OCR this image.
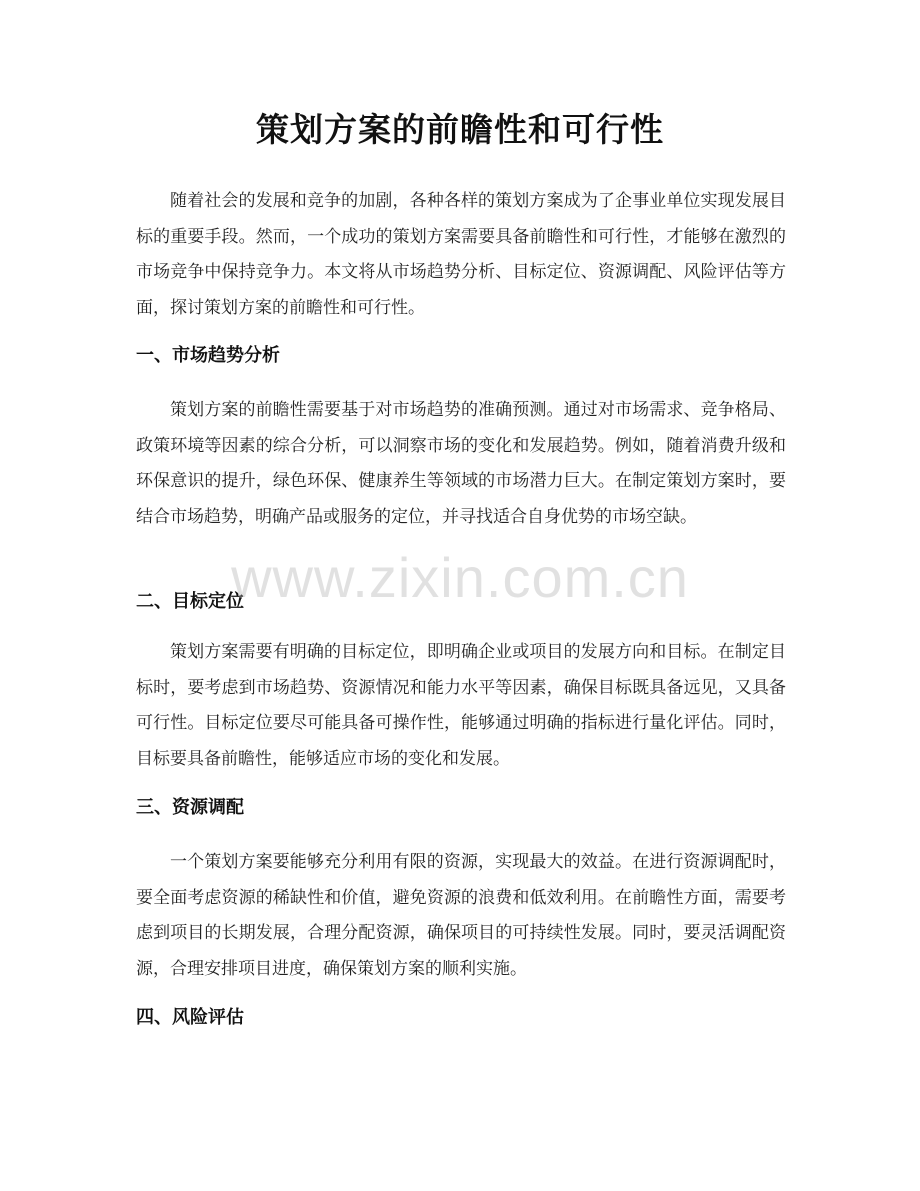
策划方案的前瞻性和可行性

随着社会的发展和竞争的加剧，各种各样的策划方案成为了企事业单位实现发展目标的重要手段。然而，一个成功的策划方案需要具备前瞻性和可行性，才能够在激烈的市场竞争中保持竞争力。本文将从市场趋势分析、目标定位、资源调配、风险评估等方面，探讨策划方案的前瞻性和可行性。

一、市场趋势分析

策划方案的前瞻性需要基于对市场趋势的准确预测。通过对市场需求、竞争格局、政策环境等因素的综合分析，可以洞察市场的变化和发展趋势。例如，随着消费升级和环保意识的提升，绿色环保、健康养生等领域的市场潜力巨大。在制定策划方案时，要结合市场趋势，明确产品或服务的定位，并寻找适合自身优势的市场空缺。

二、目标定位

策划方案需要有明确的目标定位，即明确企业或项目的发展方向和目标。在制定目标时，要考虑到市场趋势、资源情况和能力水平等因素，确保目标既具备远见，又具备可行性。目标定位要尽可能具备可操作性，能够通过明确的指标进行量化评估。同时，目标要具备前瞻性，能够适应市场的变化和发展。

三、资源调配

一个策划方案要能够充分利用有限的资源，实现最大的效益。在进行资源调配时，要全面考虑资源的稀缺性和价值，避免资源的浪费和低效利用。在前瞻性方面，需要考虑到项目的长期发展，合理分配资源，确保项目的可持续性发展。同时，要灵活调配资源，合理安排项目进度，确保策划方案的顺利实施。

四、风险评估
www.zixin.com.cn
